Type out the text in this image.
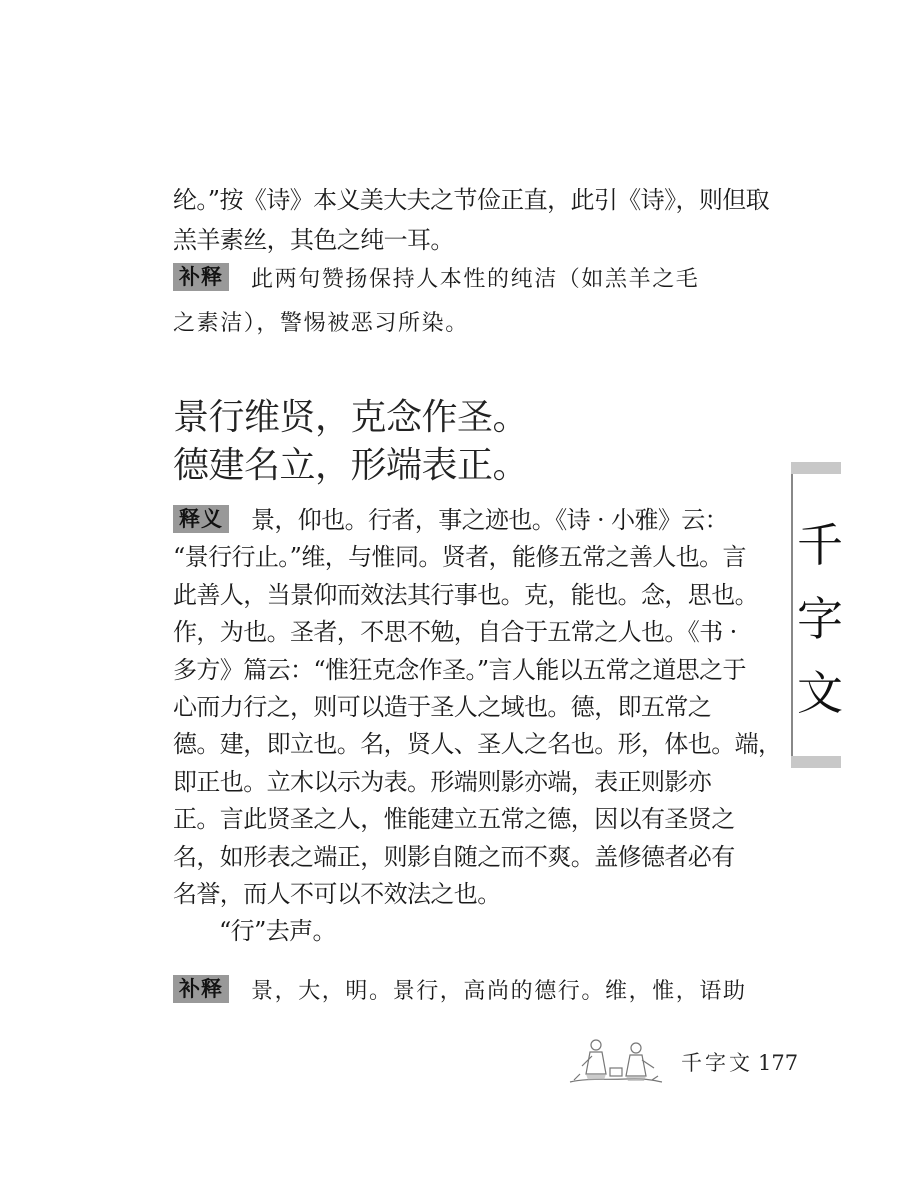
纶。”按《诗》本义美大夫之节俭正直，此引《诗》，则但取
羔羊素丝，其色之纯一耳。
补释 此两句赞扬保持人本性的纯洁（如羔羊之毛
之素洁），警惕被恶习所染。
景行维贤，克念作圣。
德建名立，形端表正。
释义 景，仰也。行者，事之迹也。《诗 · 小雅》云：
“景行行止。”维，与惟同。贤者，能修五常之善人也。言
此善人，当景仰而效法其行事也。克，能也。念，思也。
作，为也。圣者，不思不勉，自合于五常之人也。《书 ·
多方》篇云：“惟狂克念作圣。”言人能以五常之道思之于
心而力行之，则可以造于圣人之域也。德，即五常之
德。建，即立也。名，贤人、圣人之名也。形，体也。端，
即正也。立木以示为表。形端则影亦端，表正则影亦
正。言此贤圣之人，惟能建立五常之德，因以有圣贤之
名，如形表之端正，则影自随之而不爽。盖修德者必有
名誉，而人不可以不效法之也。
“行”去声。
补释 景，大，明。景行，高尚的德行。维，惟，语助
千
字
文
千字文 177
